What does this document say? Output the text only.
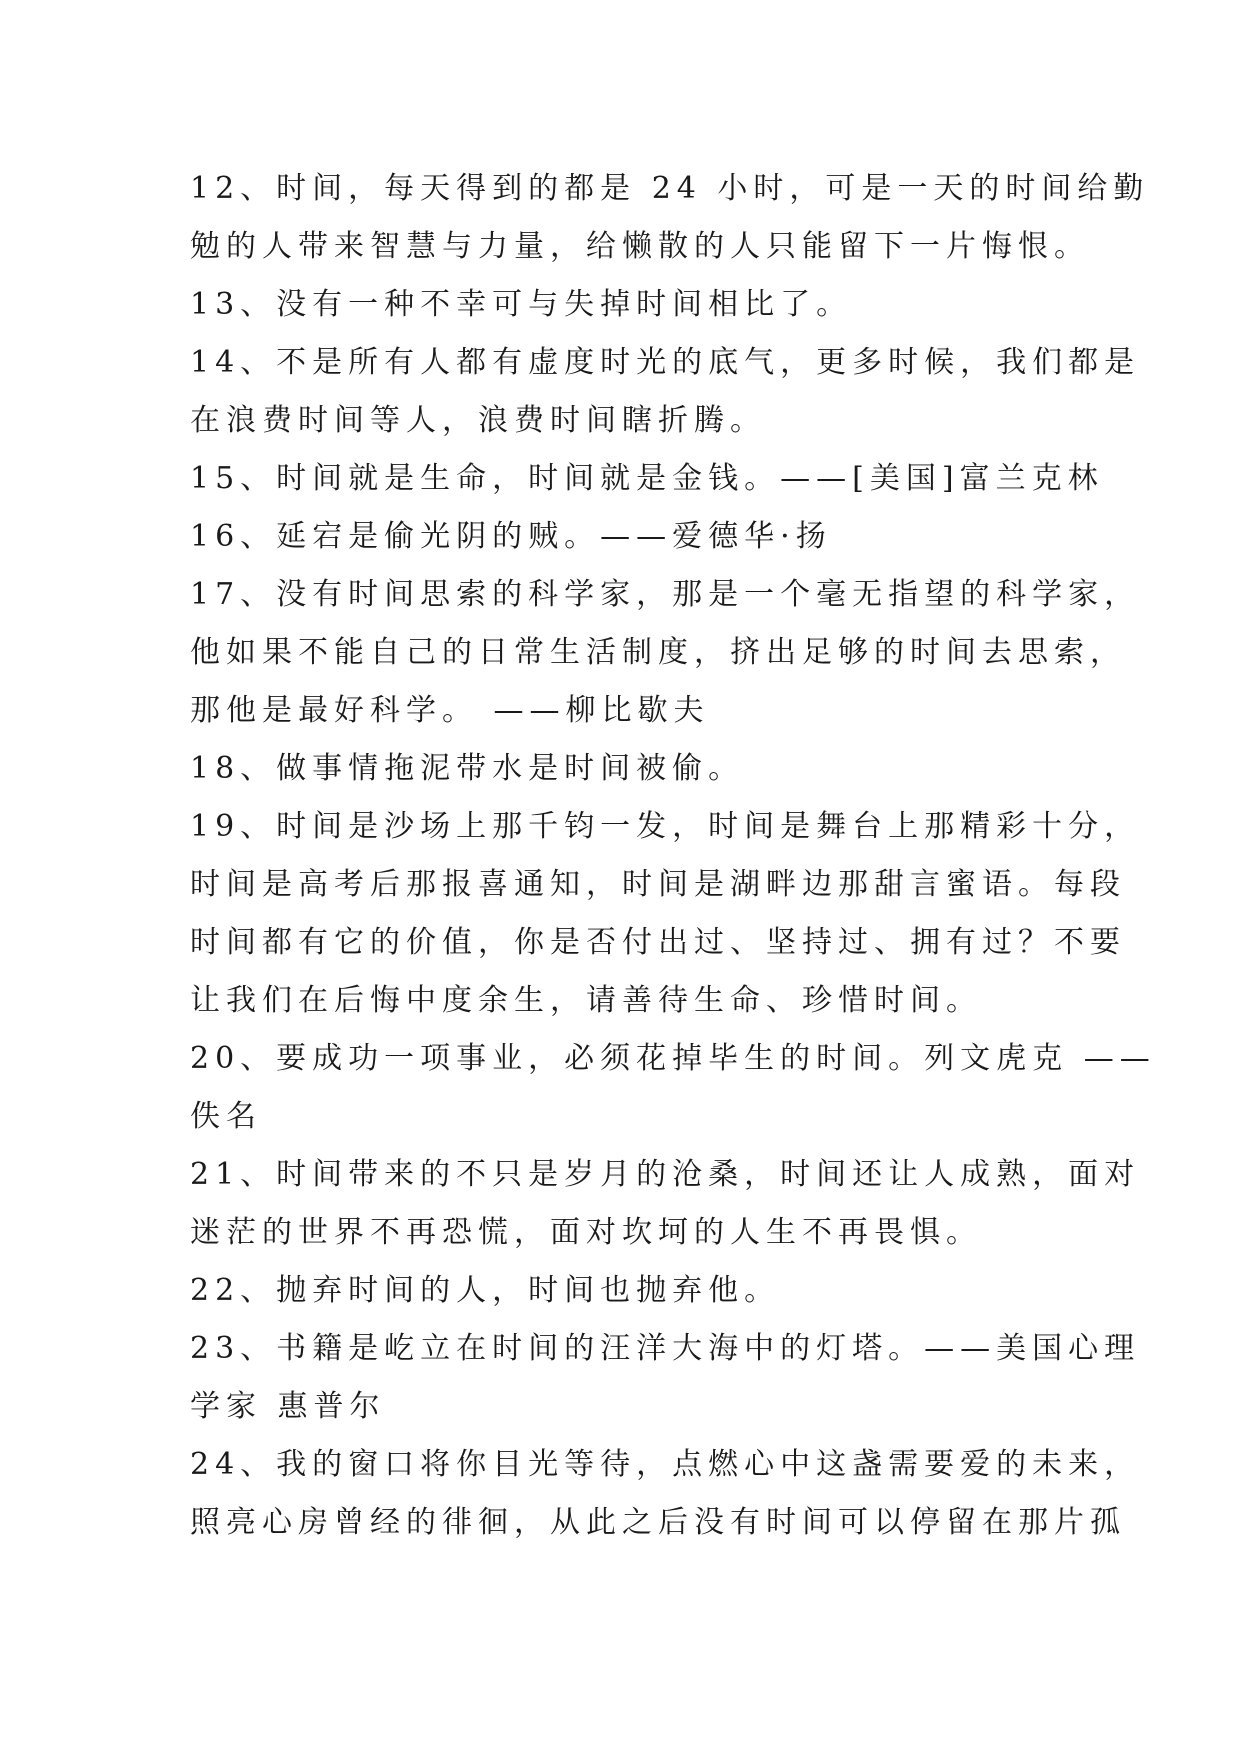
12、时间，每天得到的都是 24 小时，可是一天的时间给勤
勉的人带来智慧与力量，给懒散的人只能留下一片悔恨。
13、没有一种不幸可与失掉时间相比了。
14、不是所有人都有虚度时光的底气，更多时候，我们都是
在浪费时间等人，浪费时间瞎折腾。
15、时间就是生命，时间就是金钱。——[美国]富兰克林
16、延宕是偷光阴的贼。——爱德华·扬
17、没有时间思索的科学家，那是一个毫无指望的科学家，
他如果不能自己的日常生活制度，挤出足够的时间去思索，
那他是最好科学。 ——柳比歇夫
18、做事情拖泥带水是时间被偷。
19、时间是沙场上那千钧一发，时间是舞台上那精彩十分，
时间是高考后那报喜通知，时间是湖畔边那甜言蜜语。每段
时间都有它的价值，你是否付出过、坚持过、拥有过？不要
让我们在后悔中度余生，请善待生命、珍惜时间。
20、要成功一项事业，必须花掉毕生的时间。列文虎克 ——
佚名
21、时间带来的不只是岁月的沧桑，时间还让人成熟，面对
迷茫的世界不再恐慌，面对坎坷的人生不再畏惧。
22、抛弃时间的人，时间也抛弃他。
23、书籍是屹立在时间的汪洋大海中的灯塔。——美国心理
学家 惠普尔
24、我的窗口将你目光等待，点燃心中这盏需要爱的未来，
照亮心房曾经的徘徊，从此之后没有时间可以停留在那片孤
